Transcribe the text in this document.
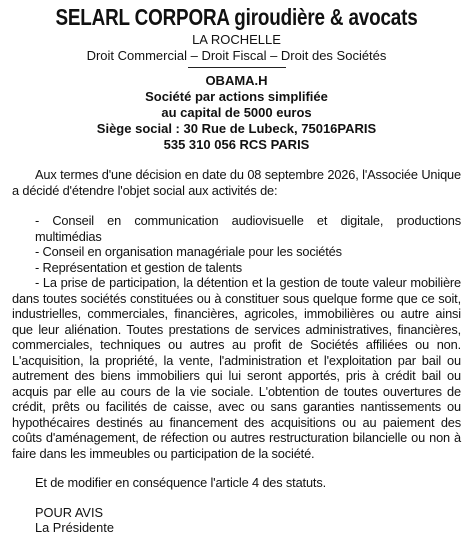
SELARL CORPORA giroudière & avocats
LA ROCHELLE
Droit Commercial – Droit Fiscal – Droit des Sociétés
OBAMA.H
Société par actions simplifiée
au capital de 5000 euros
Siège social : 30 Rue de Lubeck, 75016PARIS
535 310 056 RCS PARIS
Aux termes d'une décision en date du 08 septembre 2026, l'Associée Unique a décidé d'étendre l'objet social aux activités de:
- Conseil en communication audiovisuelle et digitale, productions multimédias
- Conseil en organisation managériale pour les sociétés
- Représentation et gestion de talents
- La prise de participation, la détention et la gestion de toute valeur mobilière dans toutes sociétés constituées ou à constituer sous quelque forme que ce soit, industrielles, commerciales, financières, agricoles, immobilières ou autre ainsi que leur aliénation. Toutes prestations de services administratives, financières, commerciales, techniques ou autres au profit de Sociétés affiliées ou non. L'acquisition, la propriété, la vente, l'administration et l'exploitation par bail ou autrement des biens immobiliers qui lui seront apportés, pris à crédit bail ou acquis par elle au cours de la vie sociale. L'obtention de toutes ouvertures de crédit, prêts ou facilités de caisse, avec ou sans garanties nantissements ou hypothécaires destinés au financement des acquisitions ou au paiement des coûts d'aménagement, de réfection ou autres restructuration bilancielle ou non à faire dans les immeubles ou participation de la société.
Et de modifier en conséquence l'article 4 des statuts.
POUR AVIS
La Présidente
